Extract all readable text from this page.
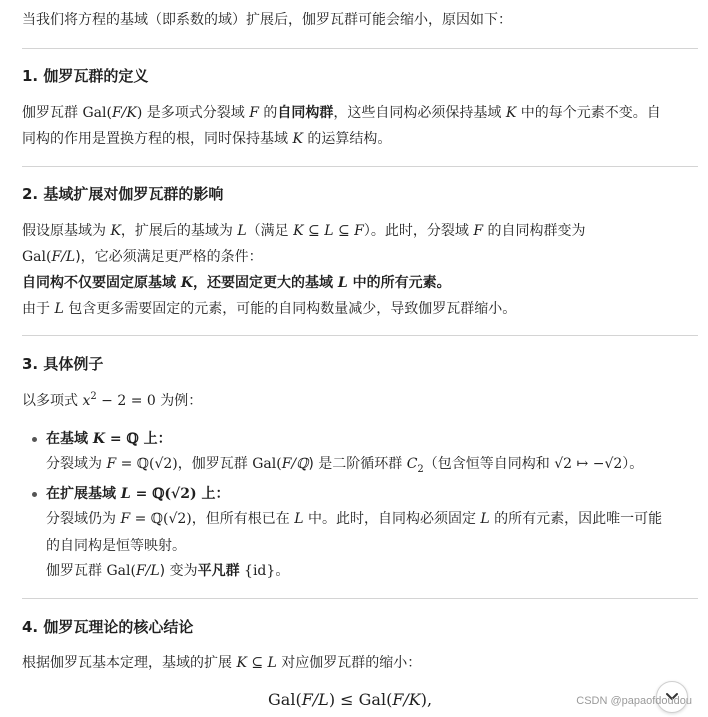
当我们将方程的基域（即系数的域）扩展后，伽罗瓦群可能会缩小，原因如下：
1. 伽罗瓦群的定义
伽罗瓦群 Gal(F/K) 是多项式分裂域 F 的自同构群，这些自同构必须保持基域 K 中的每个元素不变。自
同构的作用是置换方程的根，同时保持基域 K 的运算结构。
2. 基域扩展对伽罗瓦群的影响
假设原基域为 K，扩展后的基域为 L（满足 K ⊆ L ⊆ F）。此时，分裂域 F 的自同构群变为
Gal(F/L)，它必须满足更严格的条件：
自同构不仅要固定原基域 K，还要固定更大的基域 L 中的所有元素。
由于 L 包含更多需要固定的元素，可能的自同构数量减少，导致伽罗瓦群缩小。
3. 具体例子
以多项式 $x^2 - 2 = 0$ 为例：
在基域 K = ℚ 上：
分裂域为 F = ℚ(√2)，伽罗瓦群 Gal(F/ℚ) 是二阶循环群 $C_2$（包含恒等自同构和 √2 ↦ −√2）。
在扩展基域 L = ℚ(√2) 上：
分裂域仍为 F = ℚ(√2)，但所有根已在 L 中。此时，自同构必须固定 L 的所有元素，因此唯一可能
的自同构是恒等映射。
伽罗瓦群 Gal(F/L) 变为平凡群 {id}。
4. 伽罗瓦理论的核心结论
根据伽罗瓦基本定理，基域的扩展 K ⊆ L 对应伽罗瓦群的缩小：
Gal(F/L) ≤ Gal(F/K),	CSDN @papaofdoudou
